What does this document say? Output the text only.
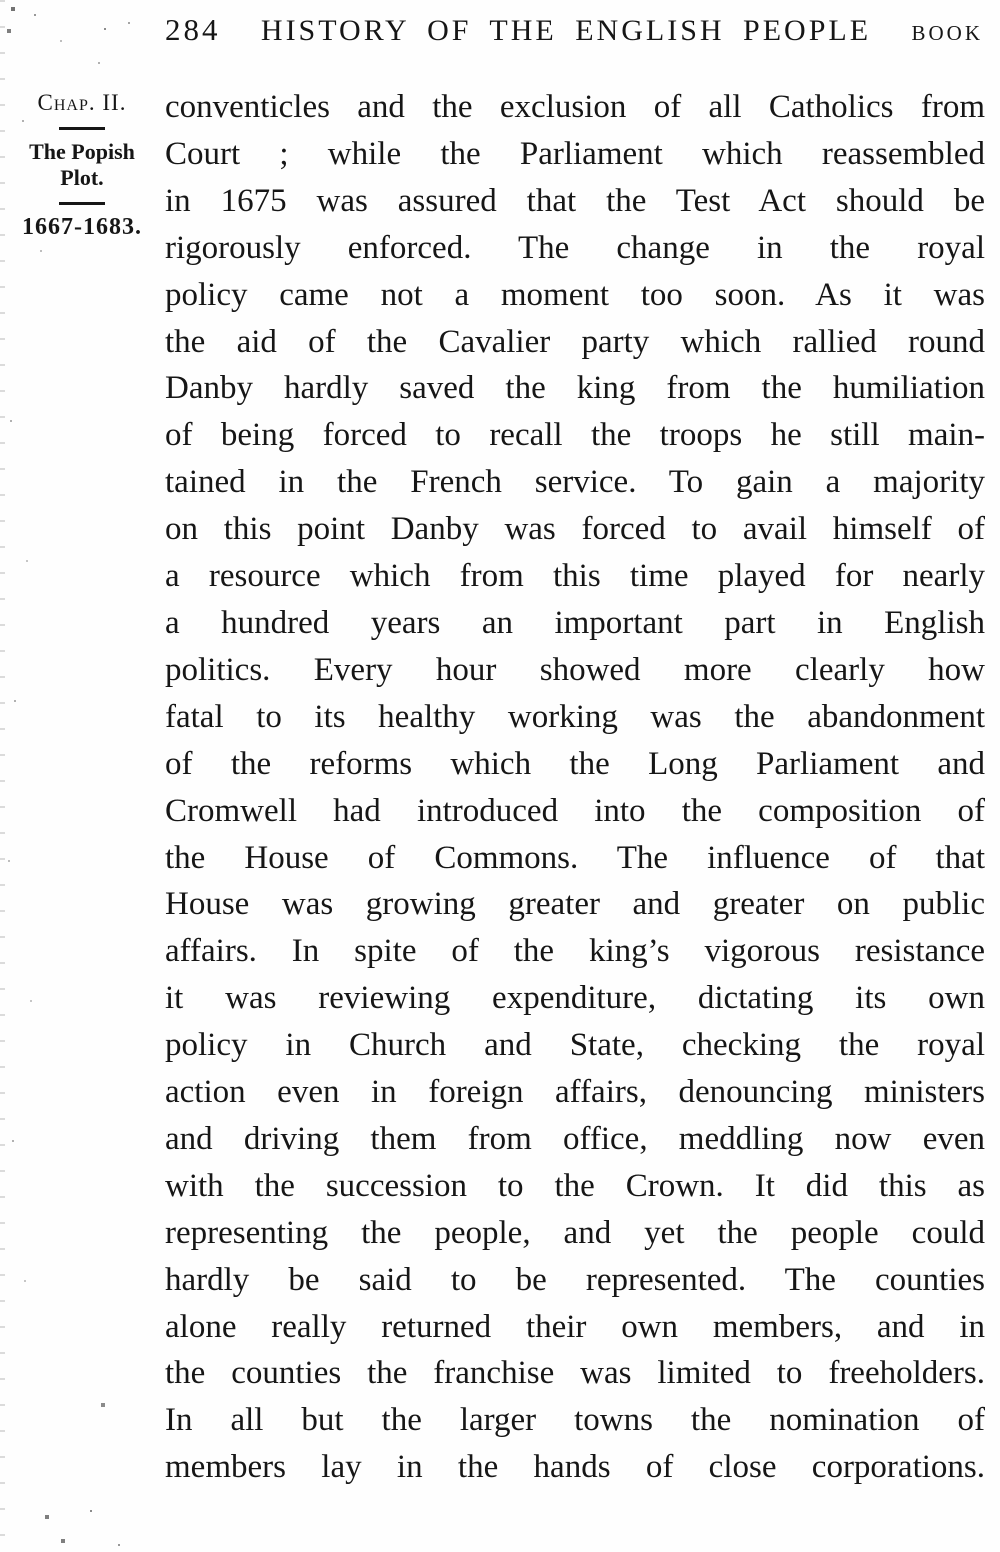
284	HISTORY OF THE ENGLISH PEOPLE	BOOK
Chap. II.
The Popish Plot.
1667-1683.
conventicles and the exclusion of all Catholics from
Court ; while the Parliament which reassembled
in 1675 was assured that the Test Act should be
rigorously enforced. The change in the royal
policy came not a moment too soon. As it was
the aid of the Cavalier party which rallied round
Danby hardly saved the king from the humiliation
of being forced to recall the troops he still main-
tained in the French service. To gain a majority
on this point Danby was forced to avail himself of
a resource which from this time played for nearly
a hundred years an important part in English
politics. Every hour showed more clearly how
fatal to its healthy working was the abandonment
of the reforms which the Long Parliament and
Cromwell had introduced into the composition of
the House of Commons. The influence of that
House was growing greater and greater on public
affairs. In spite of the king’s vigorous resistance
it was reviewing expenditure, dictating its own
policy in Church and State, checking the royal
action even in foreign affairs, denouncing ministers
and driving them from office, meddling now even
with the succession to the Crown. It did this as
representing the people, and yet the people could
hardly be said to be represented. The counties
alone really returned their own members, and in
the counties the franchise was limited to freeholders.
In all but the larger towns the nomination of
members lay in the hands of close corporations.
